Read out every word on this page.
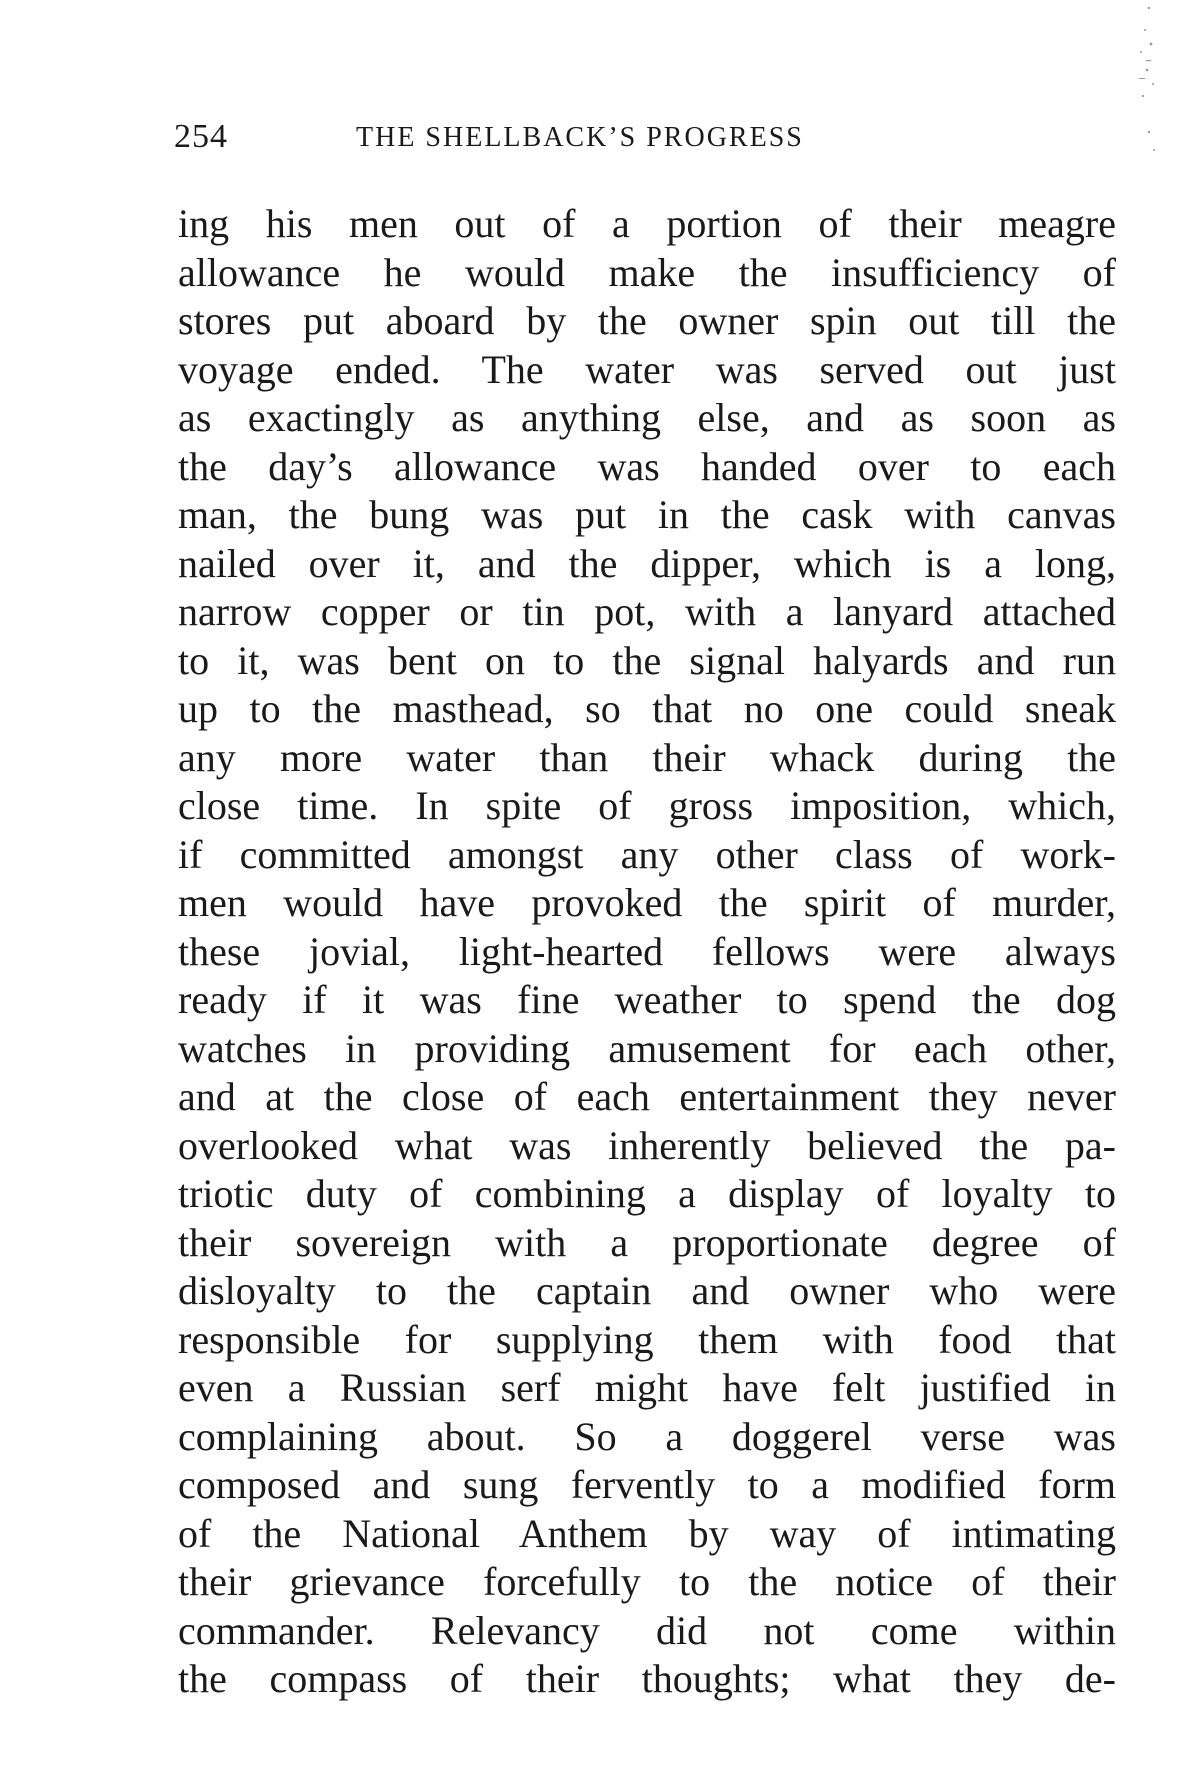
254	THE SHELLBACK’S PROGRESS
ing his men out of a portion of their meagre
allowance he would make the insufficiency of
stores put aboard by the owner spin out till the
voyage ended. The water was served out just
as exactingly as anything else, and as soon as
the day’s allowance was handed over to each
man, the bung was put in the cask with canvas
nailed over it, and the dipper, which is a long,
narrow copper or tin pot, with a lanyard attached
to it, was bent on to the signal halyards and run
up to the masthead, so that no one could sneak
any more water than their whack during the
close time. In spite of gross imposition, which,
if committed amongst any other class of work-
men would have provoked the spirit of murder,
these jovial, light-hearted fellows were always
ready if it was fine weather to spend the dog
watches in providing amusement for each other,
and at the close of each entertainment they never
overlooked what was inherently believed the pa-
triotic duty of combining a display of loyalty to
their sovereign with a proportionate degree of
disloyalty to the captain and owner who were
responsible for supplying them with food that
even a Russian serf might have felt justified in
complaining about. So a doggerel verse was
composed and sung fervently to a modified form
of the National Anthem by way of intimating
their grievance forcefully to the notice of their
commander. Relevancy did not come within
the compass of their thoughts; what they de-
